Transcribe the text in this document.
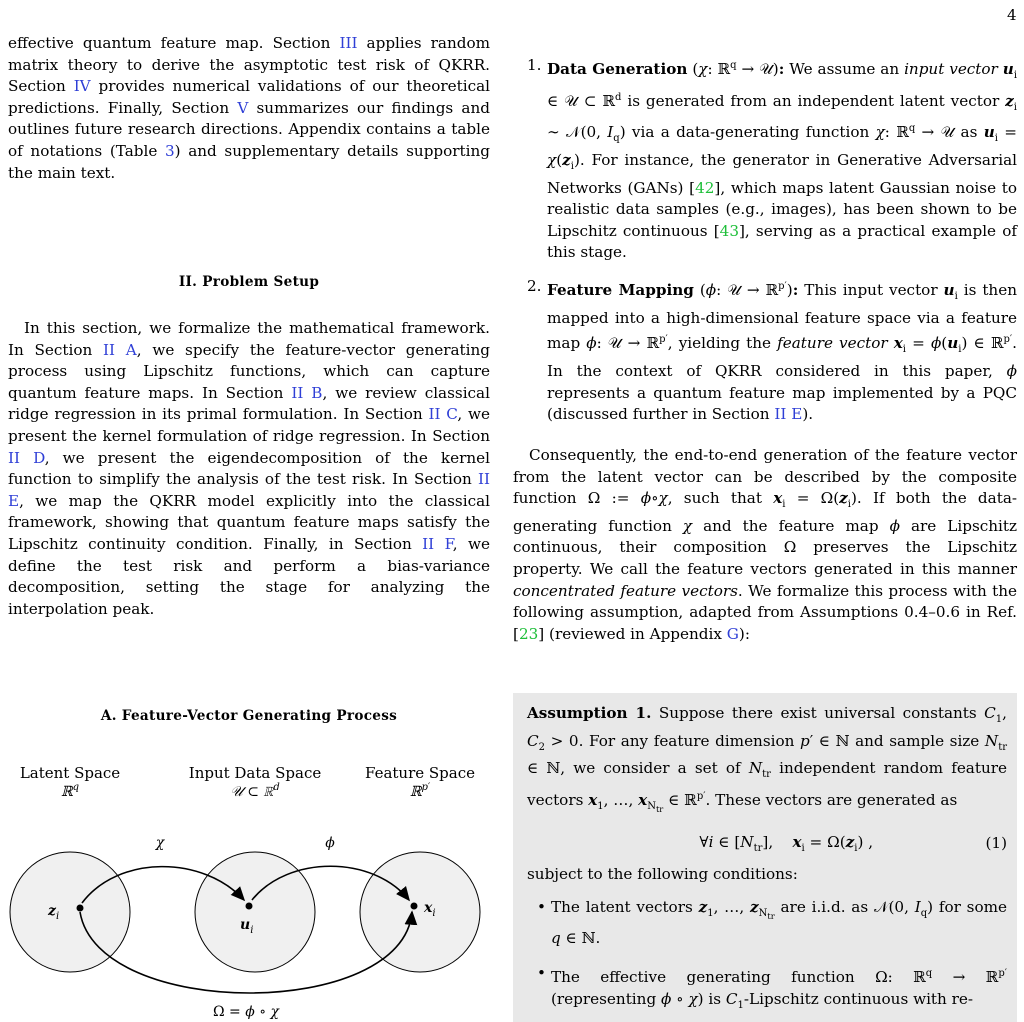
4

effective quantum feature map. Section III applies random matrix theory to derive the asymptotic test risk of QKRR. Section IV provides numerical validations of our theoretical predictions. Finally, Section V summarizes our findings and outlines future research directions. Appendix contains a table of notations (Table 3) and supplementary details supporting the main text.

II. Problem Setup

In this section, we formalize the mathematical framework. In Section II A, we specify the feature-vector generating process using Lipschitz functions, which can capture quantum feature maps. In Section II B, we review classical ridge regression in its primal formulation. In Section II C, we present the kernel formulation of ridge regression. In Section II D, we present the eigendecomposition of the kernel function to simplify the analysis of the test risk. In Section II E, we map the QKRR model explicitly into the classical framework, showing that quantum feature maps satisfy the Lipschitz continuity condition. Finally, in Section II F, we define the test risk and perform a bias-variance decomposition, setting the stage for analyzing the interpolation peak.

A. Feature-Vector Generating Process
Latent Space
ℝ$^q$
Input Data Space
𝒰 ⊂ ℝ$^d$
Feature Space
ℝ$^{p'}$
$z_i$
$u_i$
$x_i$
χ	ϕ
Ω = ϕ ∘ χ
1. Data Generation (χ: ℝ$^q$ → 𝒰): We assume an input vector $u_i$ ∈ 𝒰 ⊂ ℝ$^d$ is generated from an independent latent vector $z_i$ ∼ 𝒩(0, $I_q$) via a data-generating function χ: ℝ$^q$ → 𝒰 as $u_i = \chi(z_i)$. For instance, the generator in Generative Adversarial Networks (GANs) [42], which maps latent Gaussian noise to realistic data samples (e.g., images), has been shown to be Lipschitz continuous [43], serving as a practical example of this stage.
2. Feature Mapping (ϕ: 𝒰 → ℝ$^{p'}$): This input vector $u_i$ is then mapped into a high-dimensional feature space via a feature map ϕ: 𝒰 → ℝ$^{p'}$, yielding the feature vector $x_i = \phi(u_i)$ ∈ ℝ$^{p'}$. In the context of QKRR considered in this paper, ϕ represents a quantum feature map implemented by a PQC (discussed further in Section II E).

Consequently, the end-to-end generation of the feature vector from the latent vector can be described by the composite function Ω := ϕ∘χ, such that $x_i = \Omega(z_i)$. If both the data-generating function χ and the feature map ϕ are Lipschitz continuous, their composition Ω preserves the Lipschitz property. We call the feature vectors generated in this manner concentrated feature vectors. We formalize this process with the following assumption, adapted from Assumptions 0.4–0.6 in Ref. [23] (reviewed in Appendix G):

Assumption 1. Suppose there exist universal constants $C_1$, $C_2 > 0$. For any feature dimension p′ ∈ ℕ and sample size $N_{tr}$ ∈ ℕ, we consider a set of $N_{tr}$ independent random feature vectors $x_1$, …, $x_{N_{tr}}$ ∈ ℝ$^{p'}$. These vectors are generated as

∀i ∈ $[N_{tr}]$,    $x_i = \Omega(z_i)$ ,	(1)

subject to the following conditions:

• The latent vectors $z_1$, …, $z_{N_{tr}}$ are i.i.d. as 𝒩(0, $I_q$) for some q ∈ ℕ.

• The effective generating function Ω: ℝ$^q$ → ℝ$^{p'}$ (representing ϕ ∘ χ) is $C_1$-Lipschitz continuous with re-
